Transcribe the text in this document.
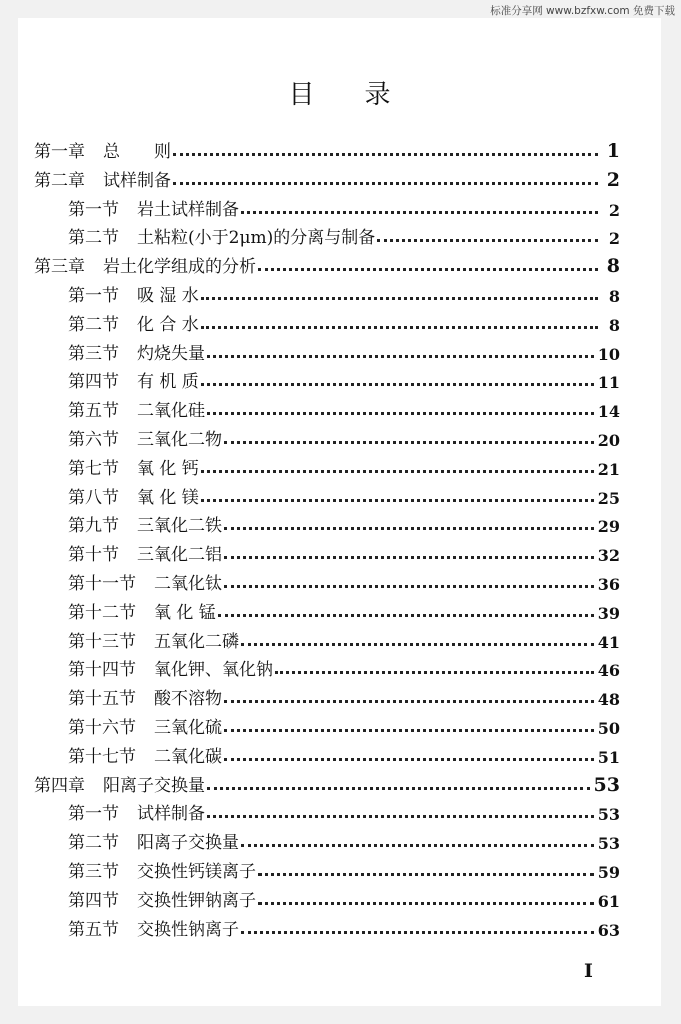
标准分享网 www.bzfxw.com 免费下载
目 录
第一章 总　　则	1
第二章 试样制备	2
第一节 岩土试样制备	2
第二节 土粘粒(小于2μm)的分离与制备	2
第三章 岩土化学组成的分析	8
第一节 吸 湿 水	8
第二节 化 合 水	8
第三节 灼烧失量	10
第四节 有 机 质	11
第五节 二氧化硅	14
第六节 三氧化二物	20
第七节 氧 化 钙	21
第八节 氧 化 镁	25
第九节 三氧化二铁	29
第十节 三氧化二铝	32
第十一节 二氧化钛	36
第十二节 氧 化 锰	39
第十三节 五氧化二磷	41
第十四节 氧化钾、氧化钠	46
第十五节 酸不溶物	48
第十六节 三氧化硫	50
第十七节 二氧化碳	51
第四章 阳离子交换量	53
第一节 试样制备	53
第二节 阳离子交换量	53
第三节 交换性钙镁离子	59
第四节 交换性钾钠离子	61
第五节 交换性钠离子	63
I
